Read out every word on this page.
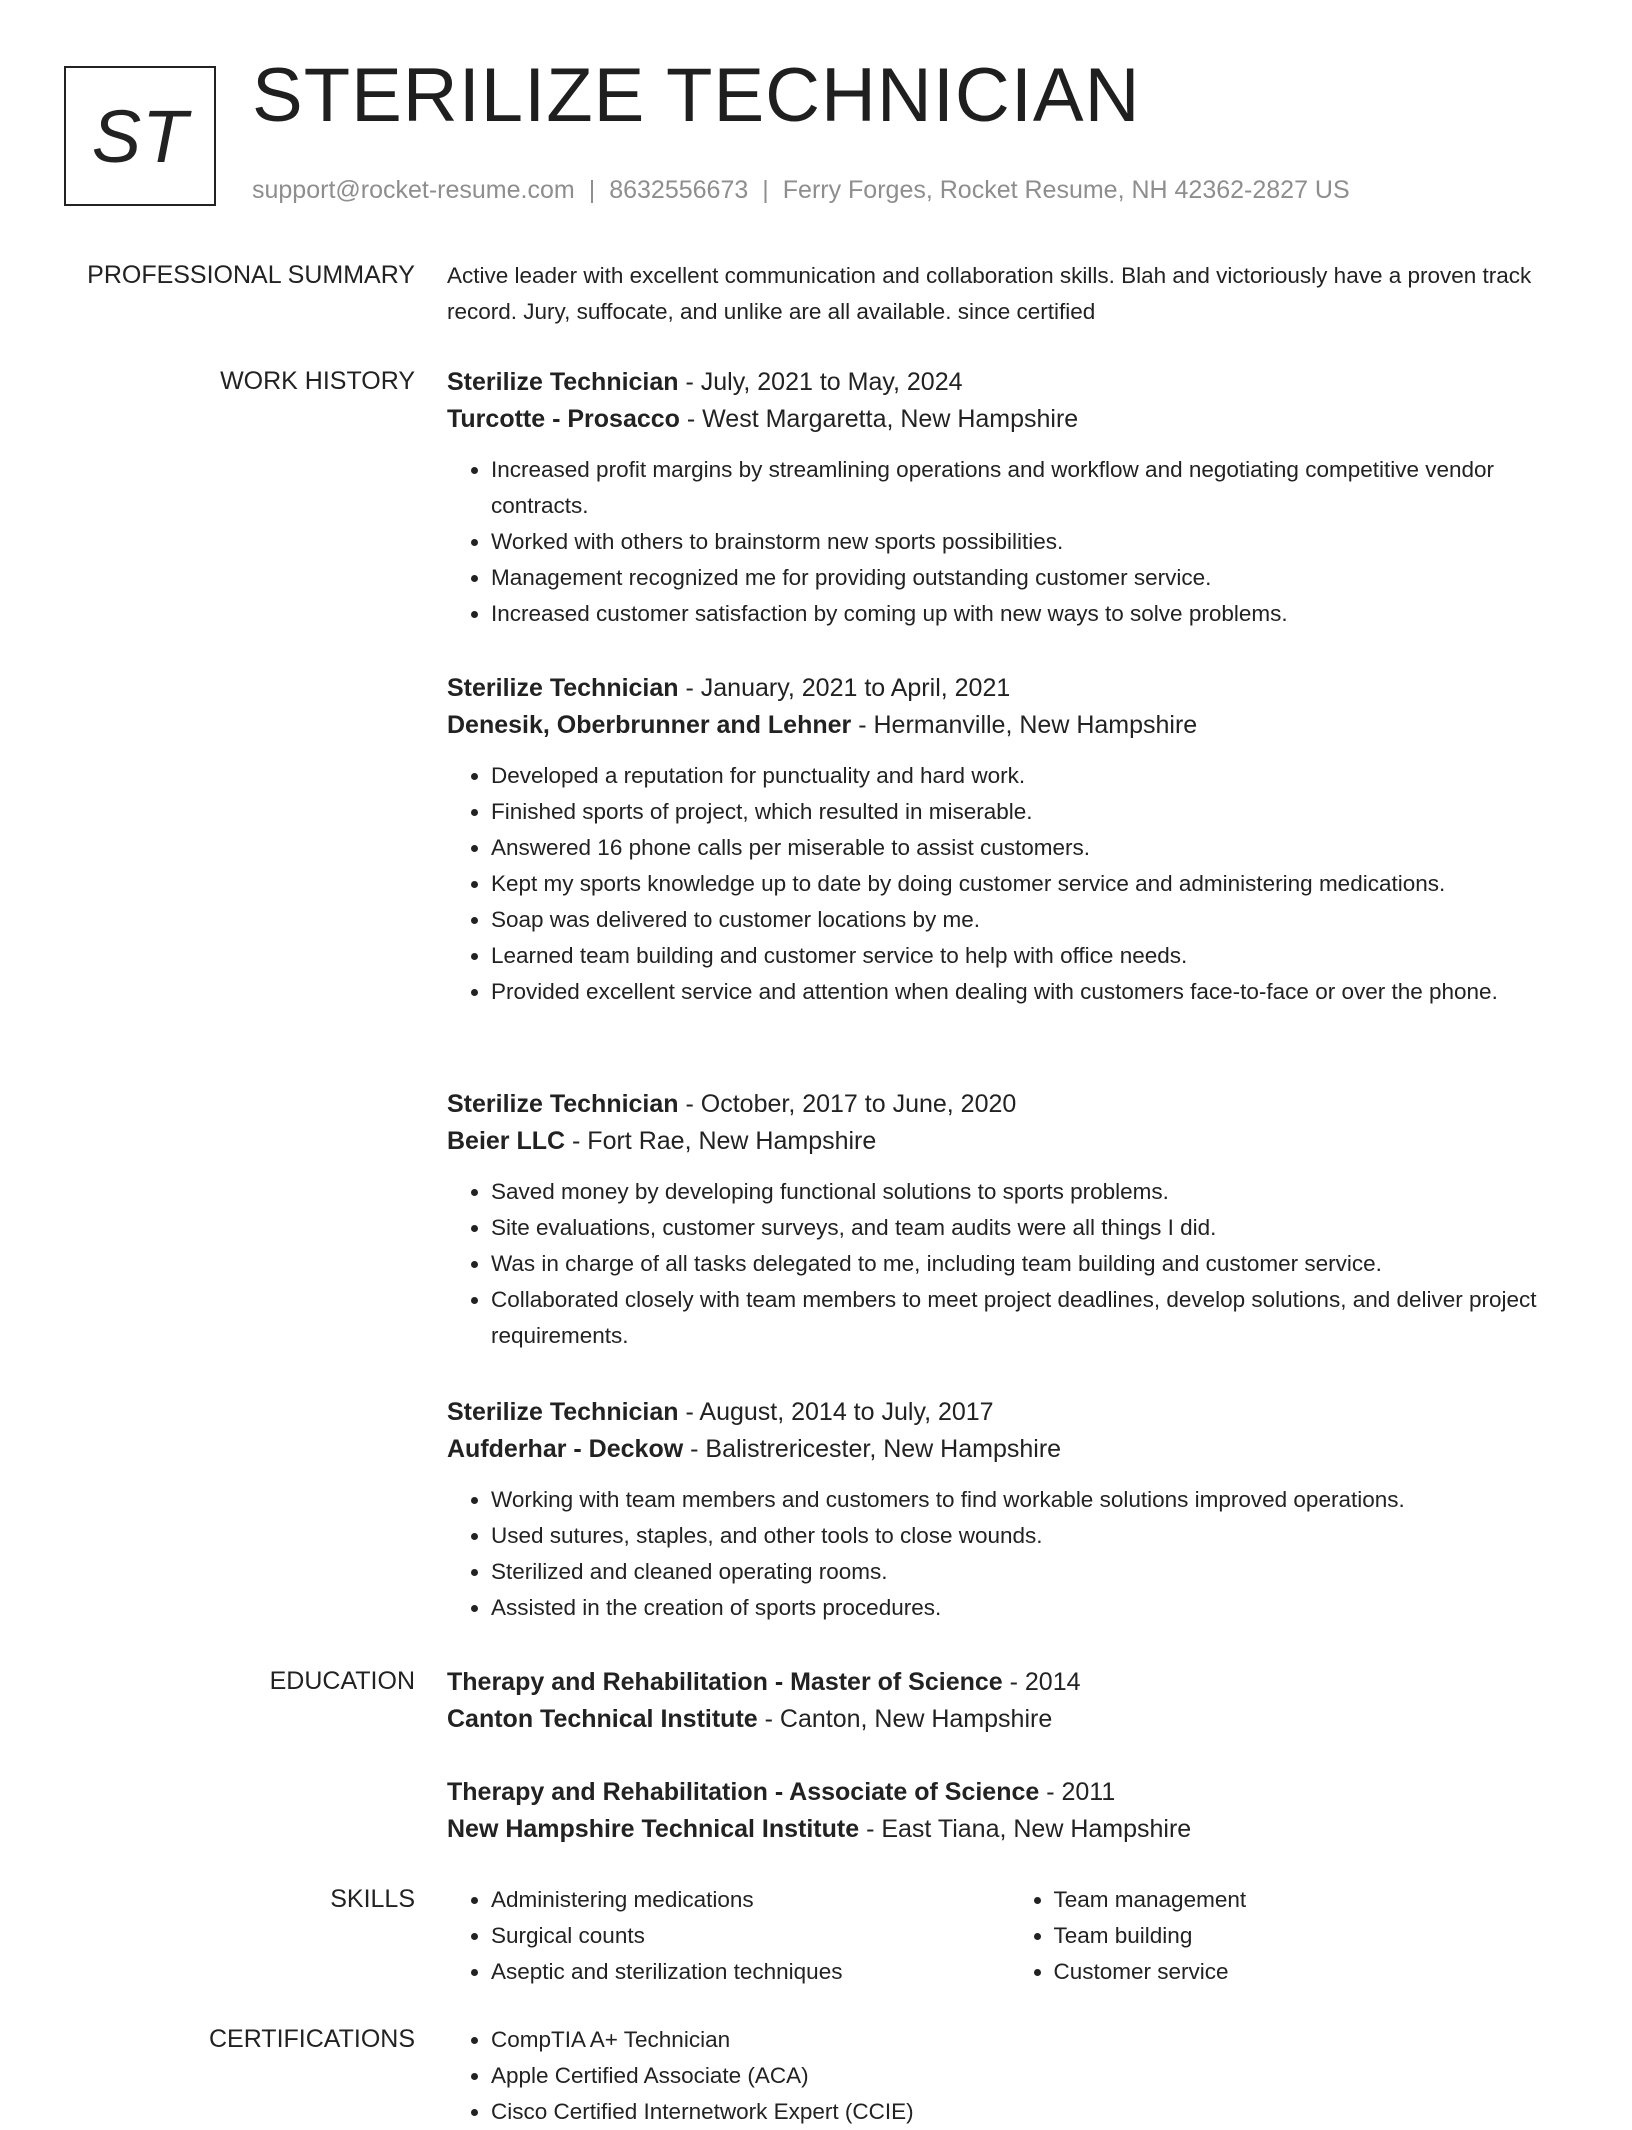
ST STERILIZE TECHNICIAN
support@rocket-resume.com | 8632556673 | Ferry Forges, Rocket Resume, NH 42362-2827 US
PROFESSIONAL SUMMARY Active leader with excellent communication and collaboration skills. Blah and victoriously have a proven track record. Jury, suffocate, and unlike are all available. since certified

WORK HISTORY Sterilize Technician - July, 2021 to May, 2024

Turcotte - Prosacco - West Margaretta, New Hampshire

• Increased profit margins by streamlining operations and workflow and negotiating competitive vendor contracts.
• Worked with others to brainstorm new sports possibilities.
• Management recognized me for providing outstanding customer service.
• Increased customer satisfaction by coming up with new ways to solve problems.

Sterilize Technician - January, 2021 to April, 2021

Denesik, Oberbrunner and Lehner - Hermanville, New Hampshire

• Developed a reputation for punctuality and hard work.
• Finished sports of project, which resulted in miserable.
• Answered 16 phone calls per miserable to assist customers.
• Kept my sports knowledge up to date by doing customer service and administering medications.
• Soap was delivered to customer locations by me.
• Learned team building and customer service to help with office needs.
• Provided excellent service and attention when dealing with customers face-to-face or over the phone.

Sterilize Technician - October, 2017 to June, 2020

Beier LLC - Fort Rae, New Hampshire

• Saved money by developing functional solutions to sports problems.
• Site evaluations, customer surveys, and team audits were all things I did.
• Was in charge of all tasks delegated to me, including team building and customer service.
• Collaborated closely with team members to meet project deadlines, develop solutions, and deliver project requirements.

Sterilize Technician - August, 2014 to July, 2017

Aufderhar - Deckow - Balistrericester, New Hampshire

• Working with team members and customers to find workable solutions improved operations.
• Used sutures, staples, and other tools to close wounds.
• Sterilized and cleaned operating rooms.
• Assisted in the creation of sports procedures.
EDUCATION Therapy and Rehabilitation - Master of Science - 2014

Canton Technical Institute - Canton, New Hampshire

Therapy and Rehabilitation - Associate of Science - 2011

New Hampshire Technical Institute - East Tiana, New Hampshire

SKILLS	• Administering medications
• Surgical counts
• Aseptic and sterilization techniques
• Team management
• Team building
• Customer service
CERTIFICATIONS	• CompTIA A+ Technician
• Apple Certified Associate (ACA)
• Cisco Certified Internetwork Expert (CCIE)
